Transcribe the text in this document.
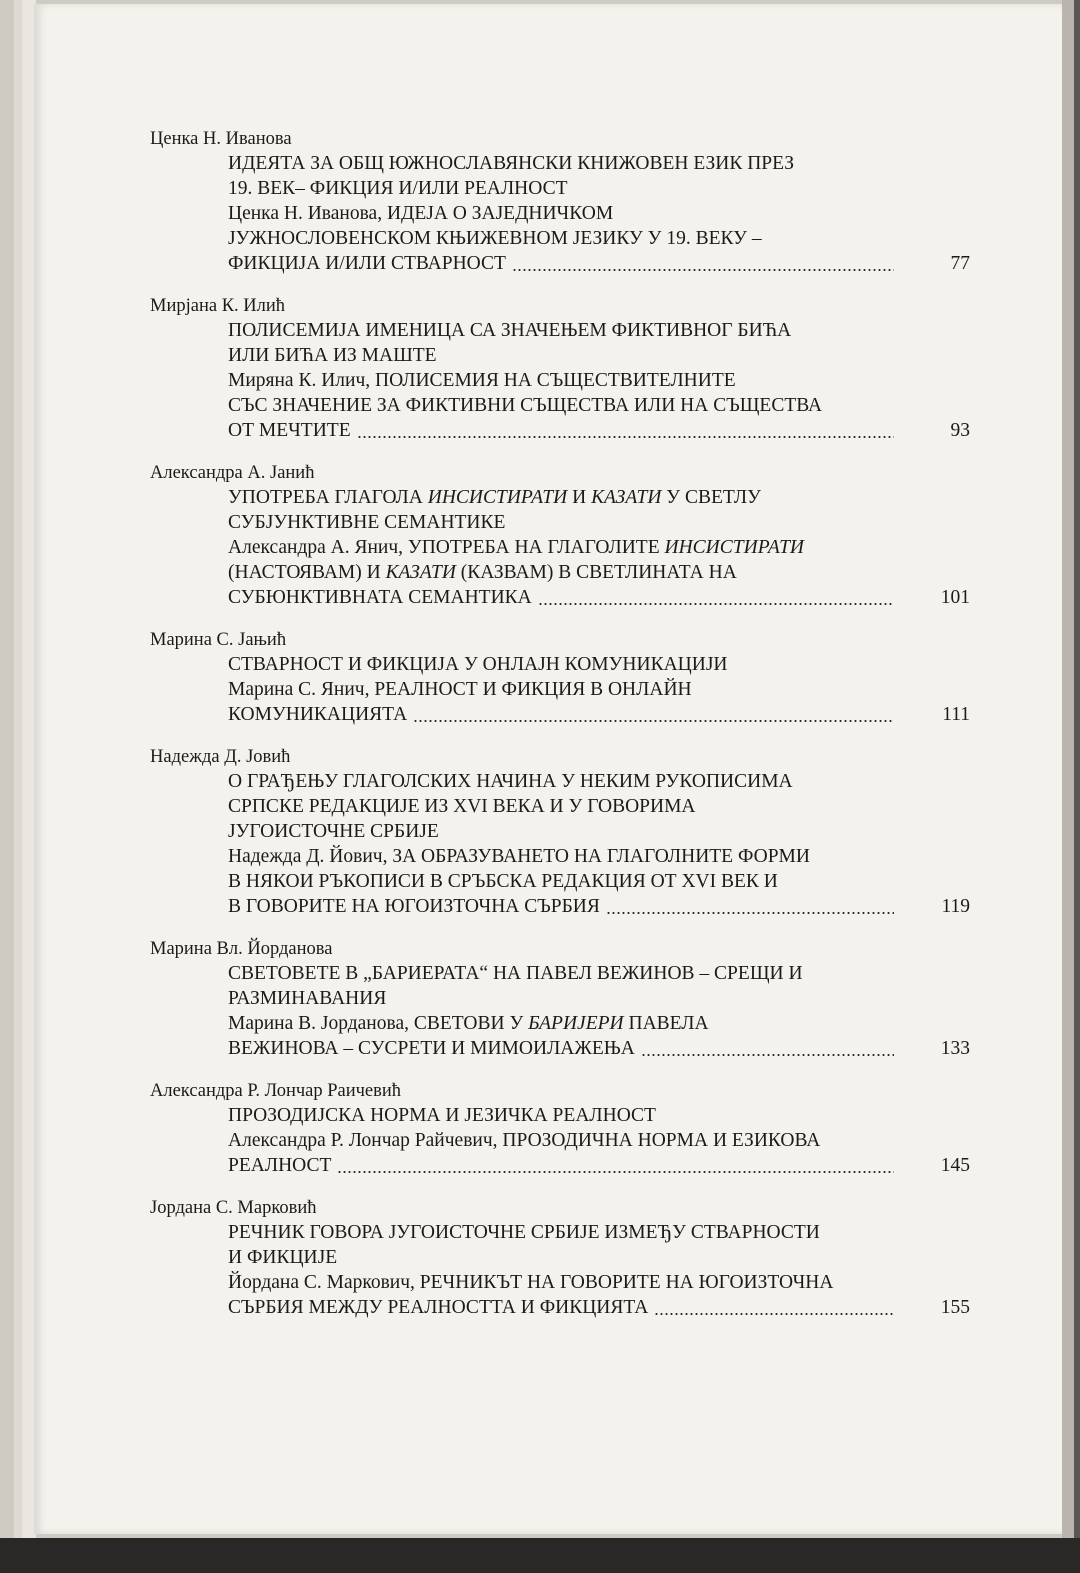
Ценка Н. Иванова

ИДЕЯТА ЗА ОБЩ ЮЖНОСЛАВЯНСКИ КНИЖОВЕН ЕЗИК ПРЕЗ

19. ВЕК– ФИКЦИЯ И/ИЛИ РЕАЛНОСТ

Ценка Н. Иванова, ИДЕЈА О ЗАЈЕДНИЧКОМ

ЈУЖНОСЛОВЕНСКОМ КЊИЖЕВНОМ ЈЕЗИКУ У 19. ВЕКУ –

ФИКЦИЈА И/ИЛИ СТВАРНОСТ	77

Мирјана К. Илић

ПОЛИСЕМИЈА ИМЕНИЦА СА ЗНАЧЕЊЕМ ФИКТИВНОГ БИЋА

ИЛИ БИЋА ИЗ МАШТЕ

Миряна К. Илич, ПОЛИСЕМИЯ НА СЪЩЕСТВИТЕЛНИТЕ

СЪС ЗНАЧЕНИЕ ЗА ФИКТИВНИ СЪЩЕСТВА ИЛИ НА СЪЩЕСТВА

ОТ МЕЧТИТЕ	93

Александра А. Јанић

УПОТРЕБА ГЛАГОЛА ИНСИСТИРАТИ И КАЗАТИ У СВЕТЛУ

СУБЈУНКТИВНЕ СЕМАНТИКЕ

Александра А. Янич, УПОТРЕБА НА ГЛАГОЛИТЕ ИНСИСТИРАТИ

(НАСТОЯВАМ) И КАЗАТИ (КАЗВАМ) В СВЕТЛИНАТА НА

СУБЮНКТИВНАТА СЕМАНТИКА	101

Марина С. Јањић

СТВАРНОСТ И ФИКЦИЈА У ОНЛАЈН КОМУНИКАЦИЈИ

Марина С. Янич, РЕАЛНОСТ И ФИКЦИЯ В ОНЛАЙН

КОМУНИКАЦИЯТА	111

Надежда Д. Јовић

О ГРАЂЕЊУ ГЛАГОЛСКИХ НАЧИНА У НЕКИМ РУКОПИСИМА

СРПСКЕ РЕДАКЦИЈЕ ИЗ XVI ВЕКА И У ГОВОРИМА

ЈУГОИСТОЧНЕ СРБИЈЕ

Надежда Д. Йович, ЗА ОБРАЗУВАНЕТО НА ГЛАГОЛНИТЕ ФОРМИ

В НЯКОИ РЪКОПИСИ В СРЪБСКА РЕДАКЦИЯ ОТ XVI ВЕК И

В ГОВОРИТЕ НА ЮГОИЗТОЧНА СЪРБИЯ	119

Марина Вл. Йорданова

СВЕТОВЕТЕ В „БАРИЕРАТА“ НА ПАВЕЛ ВЕЖИНОВ – СРЕЩИ И

РАЗМИНАВАНИЯ

Марина В. Јорданова, СВЕТОВИ У БАРИЈЕРИ ПАВЕЛА

ВЕЖИНОВА – СУСРЕТИ И МИМОИЛАЖЕЊА	133

Александра Р. Лончар Раичевић

ПРОЗОДИЈСКА НОРМА И ЈЕЗИЧКА РЕАЛНОСТ

Александра Р. Лончар Райчевич, ПРОЗОДИЧНА НОРМА И ЕЗИКОВА

РЕАЛНОСТ	145

Јордана С. Марковић

РЕЧНИК ГОВОРА ЈУГОИСТОЧНЕ СРБИЈЕ ИЗМЕЂУ СТВАРНОСТИ

И ФИКЦИЈЕ

Йордана С. Маркович, РЕЧНИКЪТ НА ГОВОРИТЕ НА ЮГОИЗТОЧНА

СЪРБИЯ МЕЖДУ РЕАЛНОСТТА И ФИКЦИЯТА	155
